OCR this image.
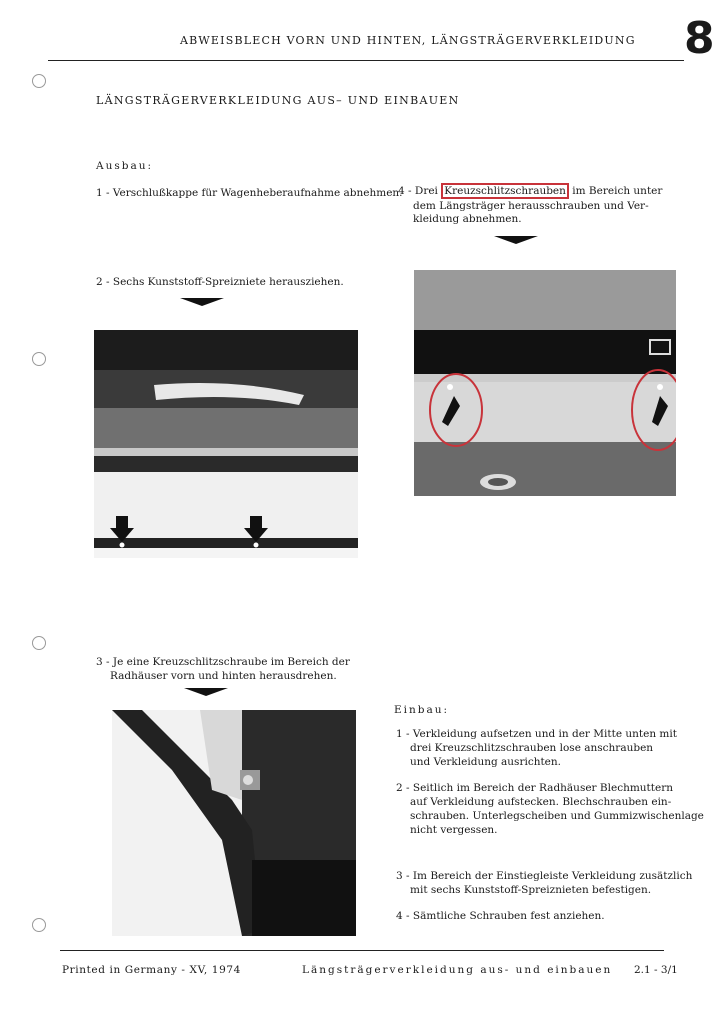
ABWEISBLECH VORN UND HINTEN, LÄNGSTRÄGERVERKLEIDUNG 8
LÄNGSTRÄGERVERKLEIDUNG AUS– UND EINBAUEN
Ausbau:
1 - Verschlußkappe für Wagenheberaufnahme abnehmen.
2 - Sechs Kunststoff-Spreizniete herausziehen.
3 - Je eine Kreuzschlitzschraube im Bereich der
Radhäuser vorn und hinten herausdrehen.
4 - Drei Kreuzschlitzschrauben im Bereich unter
dem Längsträger herausschrauben und Ver-
kleidung abnehmen.
Einbau:
1 - Verkleidung aufsetzen und in der Mitte unten mit
drei Kreuzschlitzschrauben lose anschrauben
und Verkleidung ausrichten.
2 - Seitlich im Bereich der Radhäuser Blechmuttern
auf Verkleidung aufstecken. Blechschrauben ein-
schrauben. Unterlegscheiben und Gummizwischenlage
nicht vergessen.
3 - Im Bereich der Einstiegleiste Verkleidung zusätzlich
mit sechs Kunststoff-Spreiznieten befestigen.
4 - Sämtliche Schrauben fest anziehen.
Printed in Germany - XV, 1974	Längsträgerverkleidung aus- und einbauen 2.1 - 3/1
